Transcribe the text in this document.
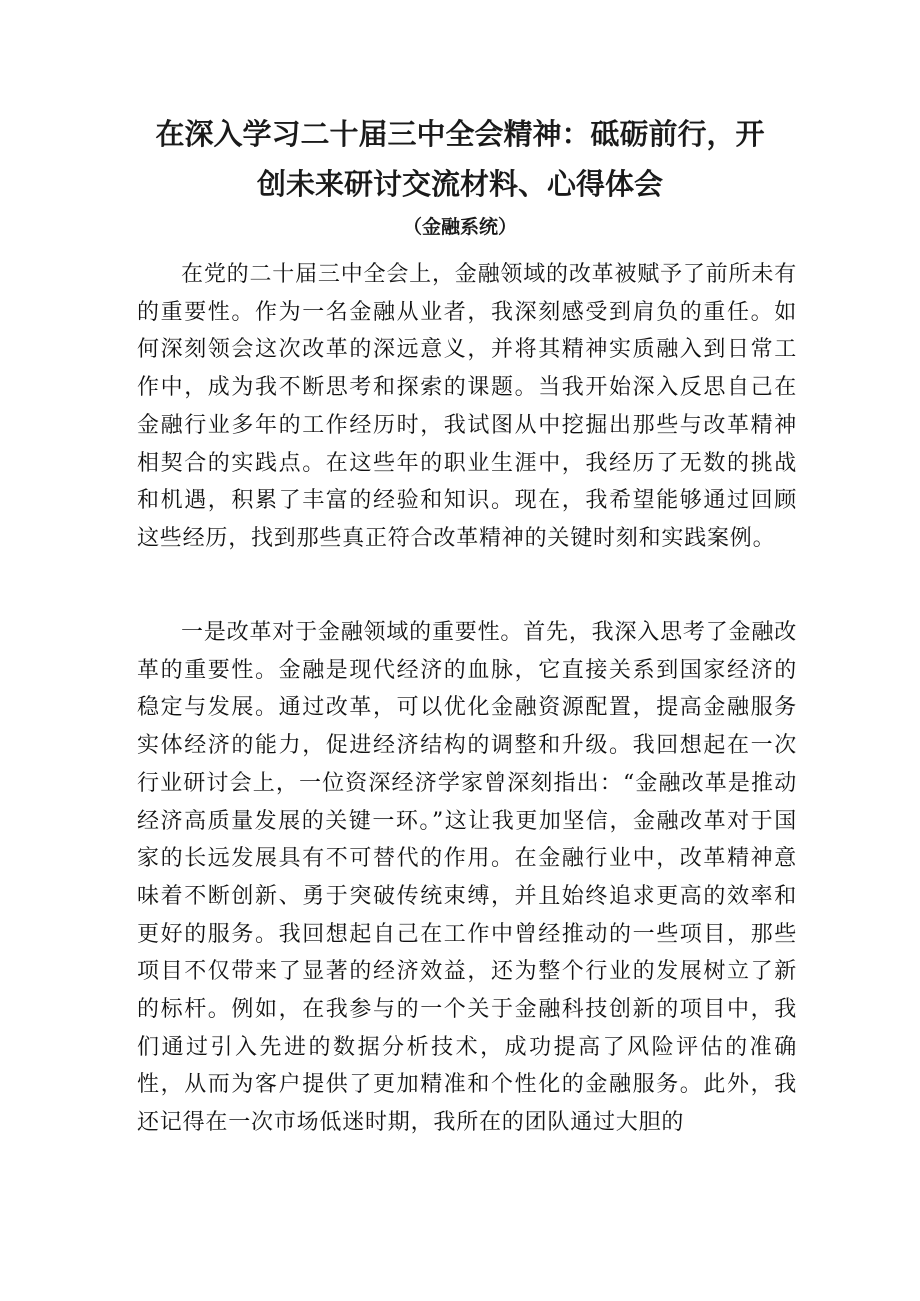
在深入学习二十届三中全会精神：砥砺前行，开
创未来研讨交流材料、心得体会
（金融系统）

在党的二十届三中全会上，金融领域的改革被赋予了前所未有的重要性。作为一名金融从业者，我深刻感受到肩负的重任。如何深刻领会这次改革的深远意义，并将其精神实质融入到日常工作中，成为我不断思考和探索的课题。当我开始深入反思自己在金融行业多年的工作经历时，我试图从中挖掘出那些与改革精神相契合的实践点。在这些年的职业生涯中，我经历了无数的挑战和机遇，积累了丰富的经验和知识。现在，我希望能够通过回顾这些经历，找到那些真正符合改革精神的关键时刻和实践案例。

一是改革对于金融领域的重要性。首先，我深入思考了金融改革的重要性。金融是现代经济的血脉，它直接关系到国家经济的稳定与发展。通过改革，可以优化金融资源配置，提高金融服务实体经济的能力，促进经济结构的调整和升级。我回想起在一次行业研讨会上，一位资深经济学家曾深刻指出：“金融改革是推动经济高质量发展的关键一环。”这让我更加坚信，金融改革对于国家的长远发展具有不可替代的作用。在金融行业中，改革精神意味着不断创新、勇于突破传统束缚，并且始终追求更高的效率和更好的服务。我回想起自己在工作中曾经推动的一些项目，那些项目不仅带来了显著的经济效益，还为整个行业的发展树立了新的标杆。例如，在我参与的一个关于金融科技创新的项目中，我们通过引入先进的数据分析技术，成功提高了风险评估的准确性，从而为客户提供了更加精准和个性化的金融服务。此外，我还记得在一次市场低迷时期，我所在的团队通过大胆的
